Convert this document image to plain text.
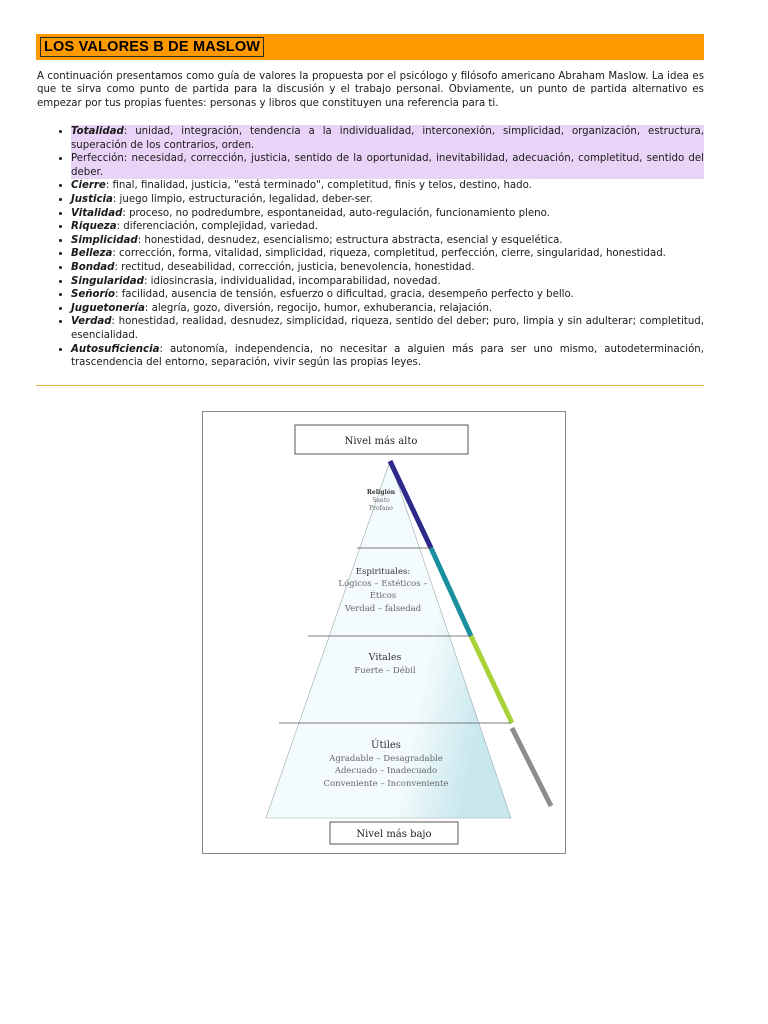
LOS VALORES B DE MASLOW

A continuación presentamos como guía de valores la propuesta por el psicólogo y filósofo americano Abraham Maslow. La idea es que te sirva como punto de partida para la discusión y el trabajo personal. Obviamente, un punto de partida alternativo es empezar por tus propias fuentes: personas y libros que constituyen una referencia para ti.

• Totalidad: unidad, integración, tendencia a la individualidad, interconexión, simplicidad, organización, estructura, superación de los contrarios, orden.
• Perfección: necesidad, corrección, justicia, sentido de la oportunidad, inevitabilidad, adecuación, completitud, sentido del deber.
• Cierre: final, finalidad, justicia, "está terminado", completitud, finis y telos, destino, hado.
• Justicia: juego limpio, estructuración, legalidad, deber-ser.
• Vitalidad: proceso, no podredumbre, espontaneidad, auto-regulación, funcionamiento pleno.
• Riqueza: diferenciación, complejidad, variedad.
• Simplicidad: honestidad, desnudez, esencialismo; estructura abstracta, esencial y esquelética.
• Belleza: corrección, forma, vitalidad, simplicidad, riqueza, completitud, perfección, cierre, singularidad, honestidad.
• Bondad: rectitud, deseabilidad, corrección, justicia, benevolencia, honestidad.
• Singularidad: idiosincrasia, individualidad, incomparabilidad, novedad.
• Señorío: facilidad, ausencia de tensión, esfuerzo o dificultad, gracia, desempeño perfecto y bello.
• Juguetonería: alegría, gozo, diversión, regocijo, humor, exhuberancia, relajación.
• Verdad: honestidad, realidad, desnudez, simplicidad, riqueza, sentido del deber; puro, limpia y sin adulterar; completitud, esencialidad.
• Autosuficiencia: autonomía, independencia, no necesitar a alguien más para ser uno mismo, autodeterminación, trascendencia del entorno, separación, vivir según las propias leyes.
Nivel más alto
Religión
Santo
Profano
Espirituales:
Lógicos – Estéticos –
Éticos
Verdad – falsedad
Vitales
Fuerte – Débil
Útiles
Agradable – Desagradable
Adecuado – Inadecuado
Conveniente – Inconveniente
Nivel más bajo
